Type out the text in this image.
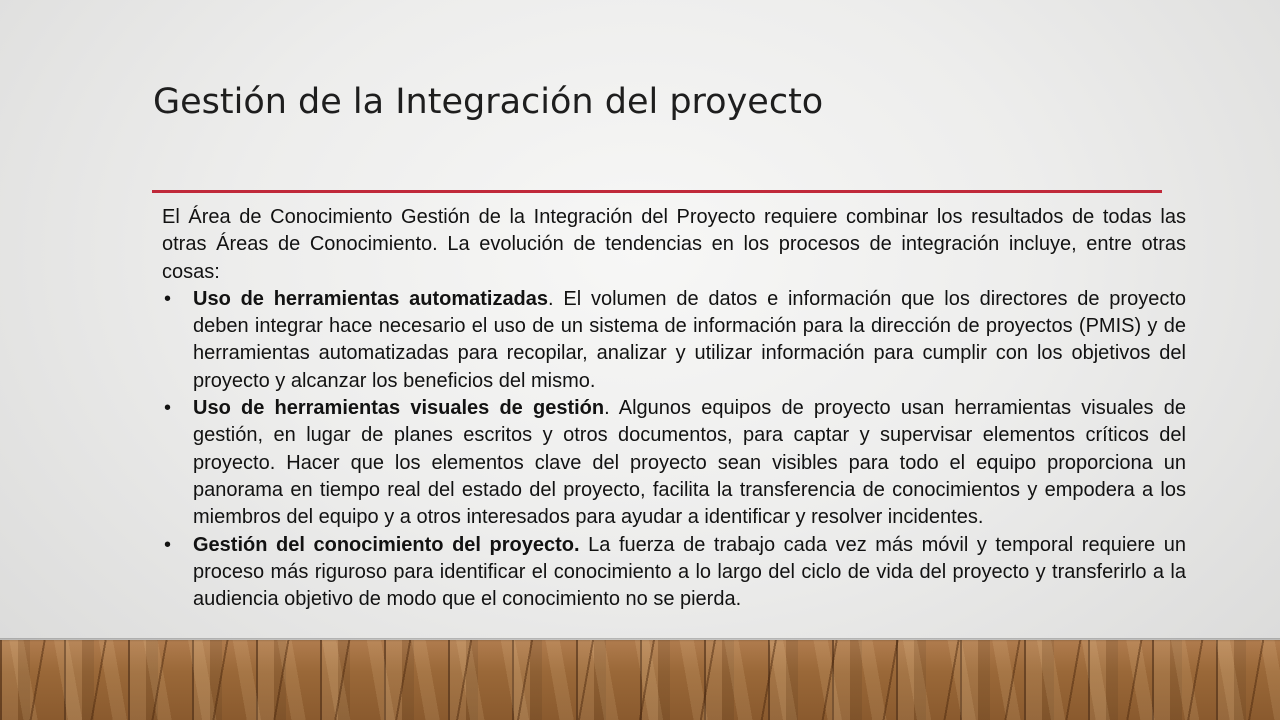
Gestión de la Integración del proyecto

El Área de Conocimiento Gestión de la Integración del Proyecto requiere combinar los resultados de todas las otras Áreas de Conocimiento. La evolución de tendencias en los procesos de integración incluye, entre otras cosas:

• Uso de herramientas automatizadas. El volumen de datos e información que los directores de proyecto deben integrar hace necesario el uso de un sistema de información para la dirección de proyectos (PMIS) y de herramientas automatizadas para recopilar, analizar y utilizar información para cumplir con los objetivos del proyecto y alcanzar los beneficios del mismo.
• Uso de herramientas visuales de gestión. Algunos equipos de proyecto usan herramientas visuales de gestión, en lugar de planes escritos y otros documentos, para captar y supervisar elementos críticos del proyecto. Hacer que los elementos clave del proyecto sean visibles para todo el equipo proporciona un panorama en tiempo real del estado del proyecto, facilita la transferencia de conocimientos y empodera a los miembros del equipo y a otros interesados para ayudar a identificar y resolver incidentes.
• Gestión del conocimiento del proyecto. La fuerza de trabajo cada vez más móvil y temporal requiere un proceso más riguroso para identificar el conocimiento a lo largo del ciclo de vida del proyecto y transferirlo a la audiencia objetivo de modo que el conocimiento no se pierda.
